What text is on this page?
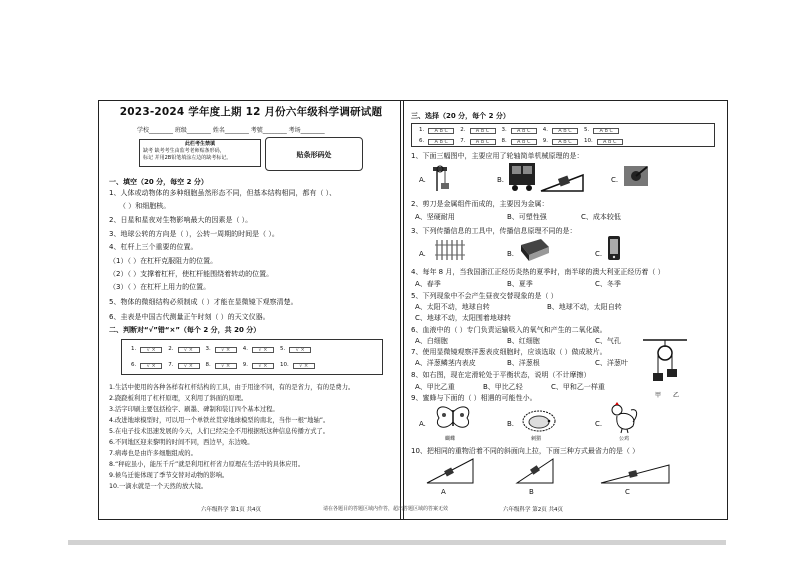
2023-2024 学年度上期 12 月份六年级科学调研试题
学校________ 班级________ 姓名________ 考號________ 考场________
此栏考生禁填
缺考 缺考考生由监考老师贴条形码，
标记 并用2B铅笔填涂左边的缺考标记。	贴条形码处
一、填空（20 分，每空 2 分）
1、人体或动物体的多种细胞虽然形态不同，但基本结构相同，都有（ ）、
（ ）和细胞核。
2、日星和星夜对生物影响最大的因素是（ ）。
3、地球公转的方向是（ ），公转一周期的时间是（ ）。
4、杠杆上三个重要的位置。
（1）（ ）在杠杆克服阻力的位置。
（2）（ ）支撑着杠杆，使杠杆能围绕着转动的位置。
（3）（ ）在杠杆上用力的位置。
5、物体的微细结构必须制成（ ）才能在显微镜下观察清楚。
6、圭表是中国古代测量正午时刻（ ）的天文仪器。
二、判断对“√”错“×”（每个 2 分，共 20 分）
1.	√ ×	2.	√ ×	3.	√ ×	4.	√ ×	5.	√ ×
6.	√ ×	7.	√ ×	8.	√ ×	9.	√ ×	10.	√ ×
1.生活中使用的各种各样有杠杆结构的工具，由于用途不同，有的是省力，有的是费力。
2.跷跷板利用了杠杆原理，又利用了斜面的原理。
3.活字印刷主要包括检字、刷墨、碑制和装订四个基本过程。
4.改进地球模型时，可以用一个单铁丝贯穿地球模型的南北，当作一根“地轴”。
5.在电子技术迅速发展的今天，人们已经完全不用根据纸这种信息传播方式了。
6.不同地区迎来黎明的时间不同，西边早，东边晚。
7.病毒也是由许多细胞组成的。
8.“秤砣虽小，能压千斤”就是利用杠杆省力原理在生活中的具体应用。
9.候鸟迁徙体现了季节交替对动物的影响。
10.一滴水就是一个天然的放大镜。
六年级科学 第1页 共4页
三、选择（20 分，每个 2 分）
1.	A B C	2.	A B C	3.	A B C	4.	A B C	5.	A B C
6.	A B C	7.	A B C	8.	A B C	9.	A B C	10.	A B C
1、下面三幅图中，主要应用了轮轴简单机械原理的是：
A.	B.	C.
2、剪刀是金属组件而成的，主要因为金属：
A、坚硬耐用	B、可塑性强	C、成本较低
3、下列传播信息的工具中，传播信息原理不同的是：
A.	B.	C.
4、每年 8 月，当我国浙江正经历炎热的夏季时，南半球的澳大利亚正经历着（ ）
A、春季	B、夏季	C、冬季
5、下列现象中不会产生昼夜交替现象的是（ ）
A、太阳不动，地球自转	B、地球不动，太阳自转
C、地球不动，太阳围着地球转
6、血液中的（ ）专门负责运输吸入的氧气和产生的二氧化碳。
A、白细胞	B、红细胞	C、气孔
7、使用显微镜观察洋葱表皮细胞时，应该选取（ ）做成玻片。
A、洋葱鳞茎内表皮	B、洋葱根	C、洋葱叶
8、如右图，现在定滑轮处于平衡状态，说明（不计摩擦）
A、甲比乙重	B、甲比乙轻	C、甲和乙一样重
甲 乙
9、蜜蜂与下面的（ ）相遇的可能性小。
A.
蝴蝶
B.
刺猬
C.
公鸡
10、把相同的重物沿着不同的斜面向上拉，下面三种方式最省力的是（ ）
A	B	C
六年级科学 第2页 共4页
请在各题目的答题区域内作答，超出答题区域的答案无效
